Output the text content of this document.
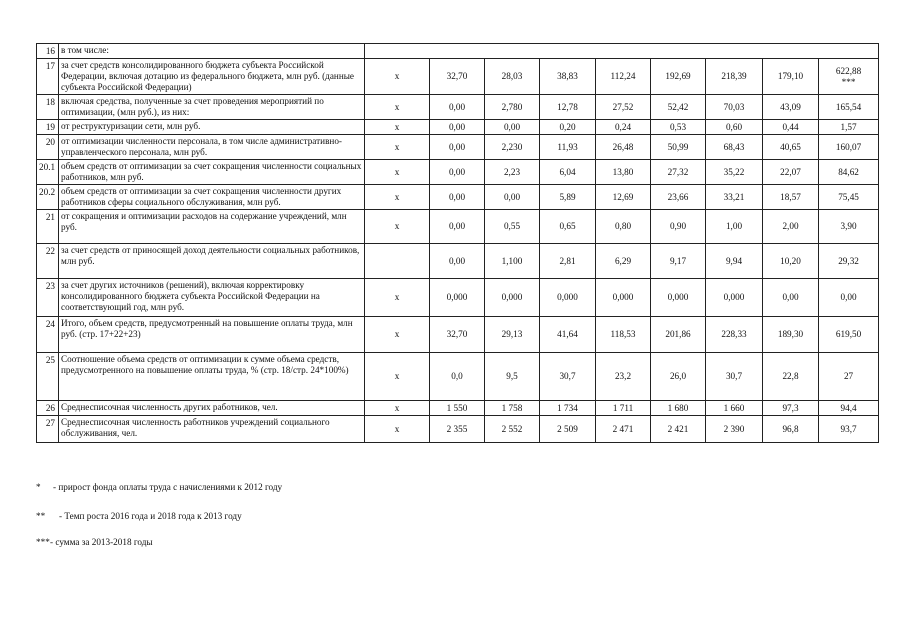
16	в том числе:									
17	за счет средств консолидированного бюджета субъекта Российской Федерации, включая дотацию из федерального бюджета, млн руб. (данные субъекта Российской Федерации)	х	32,70	28,03	38,83	112,24	192,69	218,39	179,10	622,88
***

18	включая средства, полученные за счет проведения мероприятий по оптимизации, (млн руб.), из них:	х	0,00	2,780	12,78	27,52	52,42	70,03	43,09	165,54
19	от реструктуризации сети, млн руб.	х	0,00	0,00	0,20	0,24	0,53	0,60	0,44	1,57
20	от оптимизации численности персонала, в том числе административно-управленческого персонала, млн руб.	х	0,00	2,230	11,93	26,48	50,99	68,43	40,65	160,07
20.1	объем средств от оптимизации за счет сокращения численности социальных работников, млн руб.	х	0,00	2,23	6,04	13,80	27,32	35,22	22,07	84,62
20.2	объем средств от оптимизации за счет сокращения численности других работников сферы социального обслуживания, млн руб.	х	0,00	0,00	5,89	12,69	23,66	33,21	18,57	75,45
21	от сокращения и оптимизации расходов на содержание учреждений, млн руб.	х	0,00	0,55	0,65	0,80	0,90	1,00	2,00	3,90
22	за счет средств от приносящей доход деятельности социальных работников, млн руб.		0,00	1,100	2,81	6,29	9,17	9,94	10,20	29,32
23	за счет других источников (решений), включая корректировку консолидированного бюджета субъекта Российской Федерации на соответствующий год, млн руб.	х	0,000	0,000	0,000	0,000	0,000	0,000	0,00	0,00
24	Итого, объем средств, предусмотренный на повышение оплаты труда, млн руб. (стр. 17+22+23)	х	32,70	29,13	41,64	118,53	201,86	228,33	189,30	619,50
25	Соотношение объема средств от оптимизации к сумме объема средств, предусмотренного на повышение оплаты труда, % (стр. 18/стр. 24*100%)	х	0,0	9,5	30,7	23,2	26,0	30,7	22,8	27
26	Среднесписочная численность других работников, чел.	х	1 550	1 758	1 734	1 711	1 680	1 660	97,3	94,4
27	Среднесписочная численность работников учреждений социального обслуживания, чел.	х	2 355	2 552	2 509	2 471	2 421	2 390	96,8	93,7
* - прирост фонда оплаты труда с начислениями к 2012 году
** - Темп роста 2016 года и 2018 года к 2013 году
***- сумма за 2013-2018 годы
